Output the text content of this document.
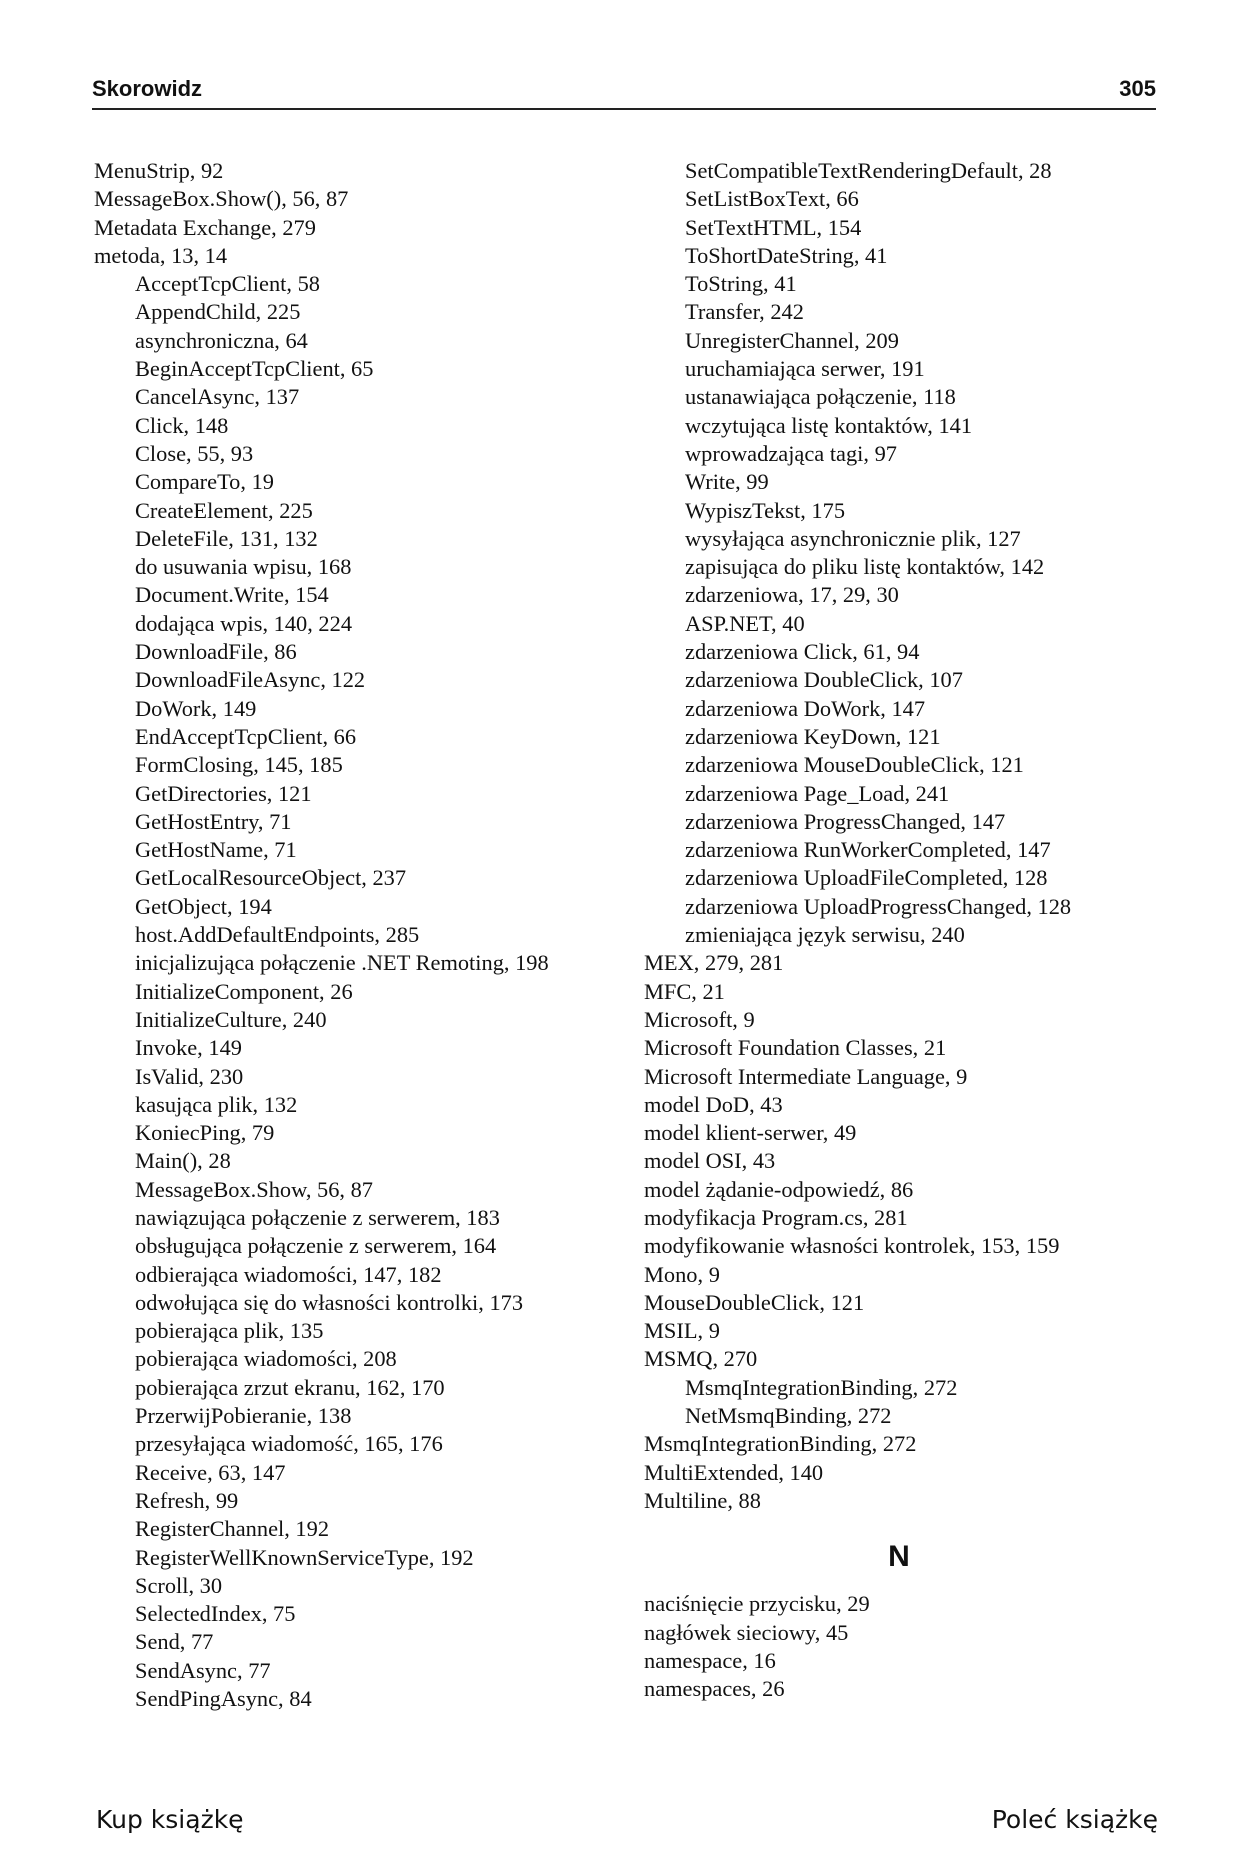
Skorowidz	305
MenuStrip, 92
MessageBox.Show(), 56, 87
Metadata Exchange, 279
metoda, 13, 14
AcceptTcpClient, 58
AppendChild, 225
asynchroniczna, 64
BeginAcceptTcpClient, 65
CancelAsync, 137
Click, 148
Close, 55, 93
CompareTo, 19
CreateElement, 225
DeleteFile, 131, 132
do usuwania wpisu, 168
Document.Write, 154
dodająca wpis, 140, 224
DownloadFile, 86
DownloadFileAsync, 122
DoWork, 149
EndAcceptTcpClient, 66
FormClosing, 145, 185
GetDirectories, 121
GetHostEntry, 71
GetHostName, 71
GetLocalResourceObject, 237
GetObject, 194
host.AddDefaultEndpoints, 285
inicjalizująca połączenie .NET Remoting, 198
InitializeComponent, 26
InitializeCulture, 240
Invoke, 149
IsValid, 230
kasująca plik, 132
KoniecPing, 79
Main(), 28
MessageBox.Show, 56, 87
nawiązująca połączenie z serwerem, 183
obsługująca połączenie z serwerem, 164
odbierająca wiadomości, 147, 182
odwołująca się do własności kontrolki, 173
pobierająca plik, 135
pobierająca wiadomości, 208
pobierająca zrzut ekranu, 162, 170
PrzerwijPobieranie, 138
przesyłająca wiadomość, 165, 176
Receive, 63, 147
Refresh, 99
RegisterChannel, 192
RegisterWellKnownServiceType, 192
Scroll, 30
SelectedIndex, 75
Send, 77
SendAsync, 77
SendPingAsync, 84
SetCompatibleTextRenderingDefault, 28
SetListBoxText, 66
SetTextHTML, 154
ToShortDateString, 41
ToString, 41
Transfer, 242
UnregisterChannel, 209
uruchamiająca serwer, 191
ustanawiająca połączenie, 118
wczytująca listę kontaktów, 141
wprowadzająca tagi, 97
Write, 99
WypiszTekst, 175
wysyłająca asynchronicznie plik, 127
zapisująca do pliku listę kontaktów, 142
zdarzeniowa, 17, 29, 30
ASP.NET, 40
zdarzeniowa Click, 61, 94
zdarzeniowa DoubleClick, 107
zdarzeniowa DoWork, 147
zdarzeniowa KeyDown, 121
zdarzeniowa MouseDoubleClick, 121
zdarzeniowa Page_Load, 241
zdarzeniowa ProgressChanged, 147
zdarzeniowa RunWorkerCompleted, 147
zdarzeniowa UploadFileCompleted, 128
zdarzeniowa UploadProgressChanged, 128
zmieniająca język serwisu, 240
MEX, 279, 281
MFC, 21
Microsoft, 9
Microsoft Foundation Classes, 21
Microsoft Intermediate Language, 9
model DoD, 43
model klient-serwer, 49
model OSI, 43
model żądanie-odpowiedź, 86
modyfikacja Program.cs, 281
modyfikowanie własności kontrolek, 153, 159
Mono, 9
MouseDoubleClick, 121
MSIL, 9
MSMQ, 270
MsmqIntegrationBinding, 272
NetMsmqBinding, 272
MsmqIntegrationBinding, 272
MultiExtended, 140
Multiline, 88
N
naciśnięcie przycisku, 29
nagłówek sieciowy, 45
namespace, 16
namespaces, 26
Kup książkę	Poleć książkę
